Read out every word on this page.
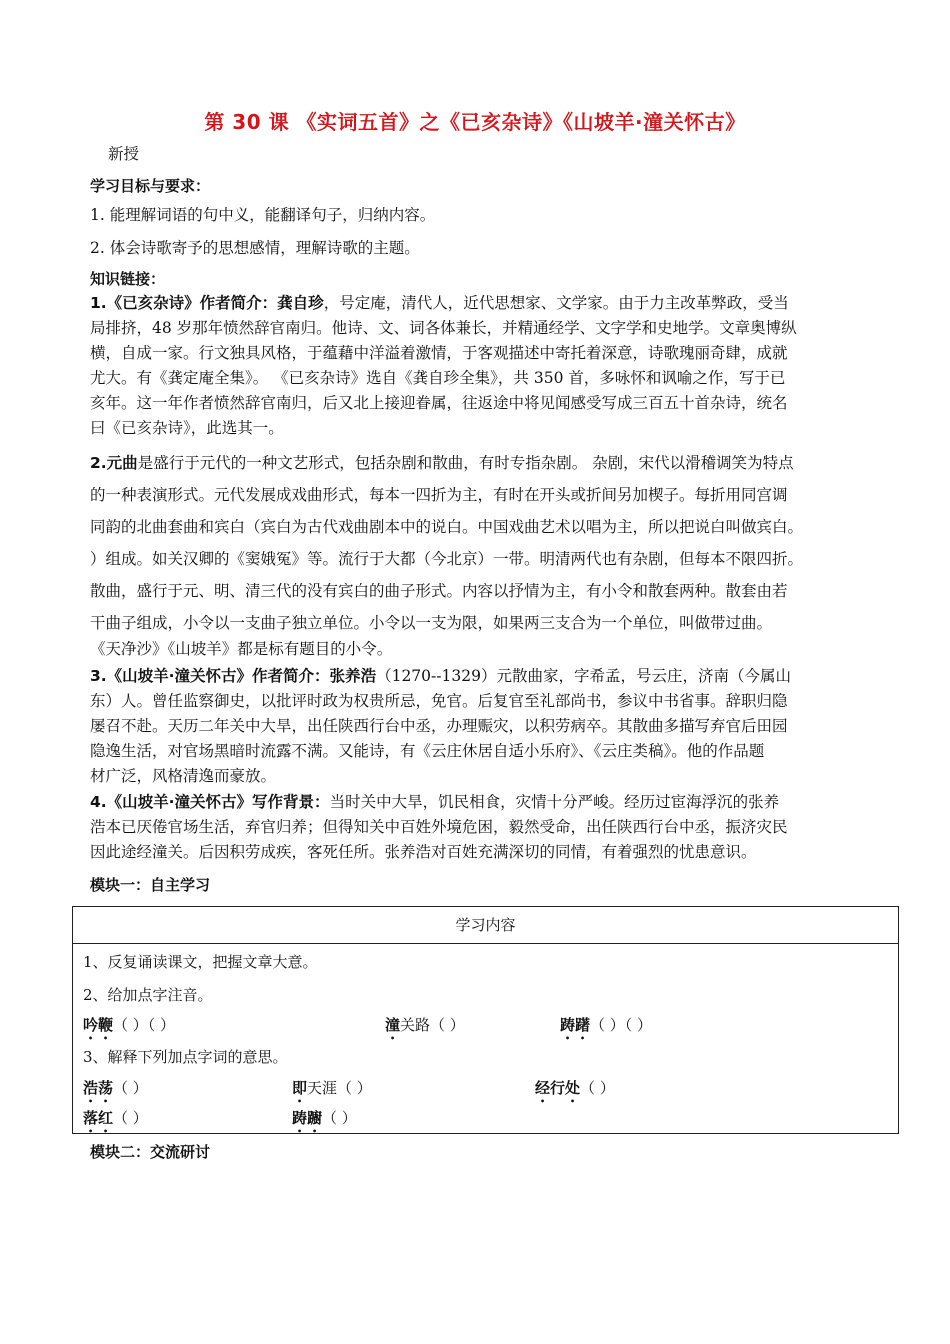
第 30 课 《实词五首》之《已亥杂诗》《山坡羊·潼关怀古》
新授
学习目标与要求：
1. 能理解词语的句中义，能翻译句子，归纳内容。
2. 体会诗歌寄予的思想感情，理解诗歌的主题。
知识链接：

1.《已亥杂诗》作者简介：龚自珍，号定庵，清代人，近代思想家、文学家。由于力主改革弊政，受当

局排挤，48 岁那年愤然辞官南归。他诗、文、词各体兼长，并精通经学、文字学和史地学。文章奥博纵

横，自成一家。行文独具风格，于蕴藉中洋溢着激情，于客观描述中寄托着深意，诗歌瑰丽奇肆，成就

尤大。有《龚定庵全集》。 《已亥杂诗》选自《龚自珍全集》，共 350 首，多咏怀和讽喻之作，写于已

亥年。这一年作者愤然辞官南归，后又北上接迎眷属，往返途中将见闻感受写成三百五十首杂诗，统名

曰《已亥杂诗》，此选其一。

2.元曲是盛行于元代的一种文艺形式，包括杂剧和散曲，有时专指杂剧。 杂剧，宋代以滑稽调笑为特点

的一种表演形式。元代发展成戏曲形式，每本一四折为主，有时在开头或折间另加楔子。每折用同宫调

同韵的北曲套曲和宾白（宾白为古代戏曲剧本中的说白。中国戏曲艺术以唱为主，所以把说白叫做宾白。

）组成。如关汉卿的《窦娥冤》等。流行于大都（今北京）一带。明清两代也有杂剧，但每本不限四折。

散曲，盛行于元、明、清三代的没有宾白的曲子形式。内容以抒情为主，有小令和散套两种。散套由若

干曲子组成，小令以一支曲子独立单位。小令以一支为限，如果两三支合为一个单位，叫做带过曲。

《天净沙》《山坡羊》都是标有题目的小令。

3.《山坡羊·潼关怀古》作者简介：张养浩（1270--1329）元散曲家，字希孟，号云庄，济南（今属山

东）人。曾任监察御史，以批评时政为权贵所忌，免官。后复官至礼部尚书，参议中书省事。辞职归隐

屡召不赴。天历二年关中大旱，出任陕西行台中丞，办理赈灾，以积劳病卒。其散曲多描写弃官后田园

隐逸生活，对官场黑暗时流露不满。又能诗，有《云庄休居自适小乐府》、《云庄类稿》。他的作品题

材广泛，风格清逸而豪放。

4.《山坡羊·潼关怀古》写作背景：当时关中大旱，饥民相食，灾情十分严峻。经历过宦海浮沉的张养

浩本已厌倦官场生活，弃官归养；但得知关中百姓外境危困，毅然受命，出任陕西行台中丞，振济灾民

因此途经潼关。后因积劳成疾，客死任所。张养浩对百姓充满深切的同情，有着强烈的忧患意识。

模块一：自主学习
学习内容
1、反复诵读课文，把握文章大意。
2、给加点字注音。
吟鞭（ ）（ ）	潼关路（ ）	踌躇（ ）（ ）
3、解释下列加点字词的意思。
浩荡（ ）	即天涯（ ）	经行处（ ）
落红（ ）	踌躕（ ）
模块二：交流研讨
